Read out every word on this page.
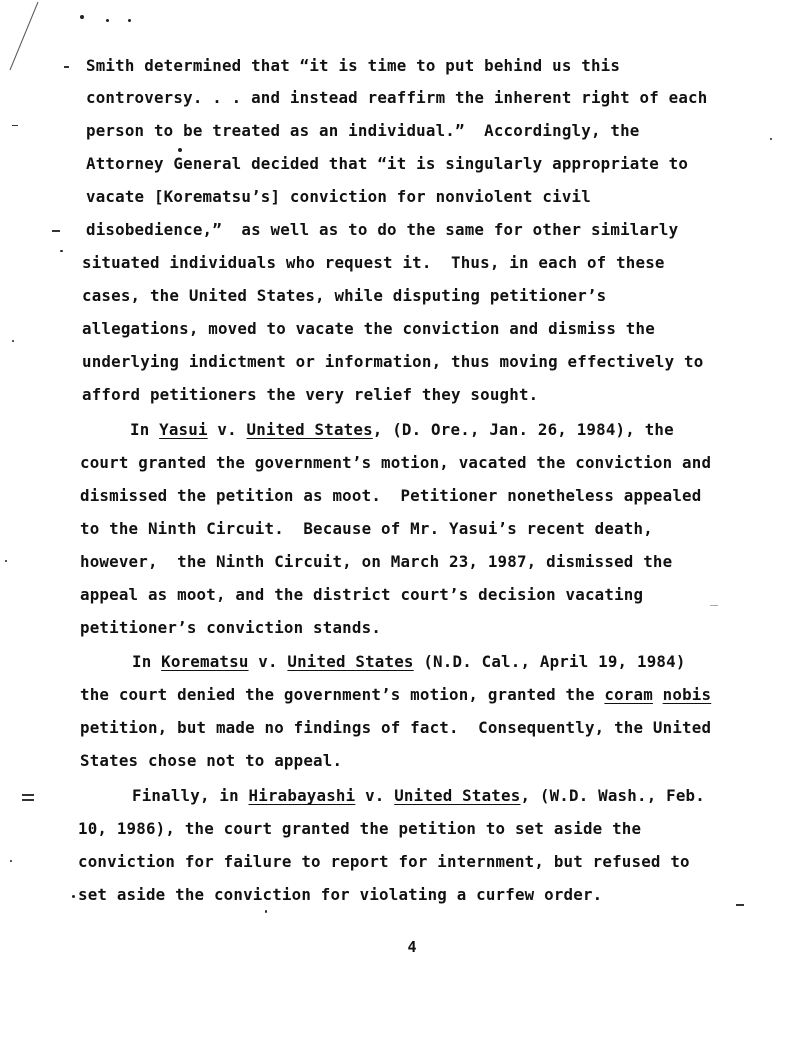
Smith determined that “it is time to put behind us this
controversy. . . and instead reaffirm the inherent right of each
person to be treated as an individual.”  Accordingly, the
Attorney General decided that “it is singularly appropriate to
vacate [Korematsu’s] conviction for nonviolent civil
disobedience,”  as well as to do the same for other similarly
situated individuals who request it.  Thus, in each of these
cases, the United States, while disputing petitioner’s
allegations, moved to vacate the conviction and dismiss the
underlying indictment or information, thus moving effectively to
afford petitioners the very relief they sought.
In Yasui v. United States, (D. Ore., Jan. 26, 1984), the
court granted the government’s motion, vacated the conviction and
dismissed the petition as moot.  Petitioner nonetheless appealed
to the Ninth Circuit.  Because of Mr. Yasui’s recent death,
however,  the Ninth Circuit, on March 23, 1987, dismissed the
appeal as moot, and the district court’s decision vacating
petitioner’s conviction stands.
In Korematsu v. United States (N.D. Cal., April 19, 1984)
the court denied the government’s motion, granted the coram nobis
petition, but made no findings of fact.  Consequently, the United
States chose not to appeal.
Finally, in Hirabayashi v. United States, (W.D. Wash., Feb.
10, 1986), the court granted the petition to set aside the
conviction for failure to report for internment, but refused to
set aside the conviction for violating a curfew order.
4
